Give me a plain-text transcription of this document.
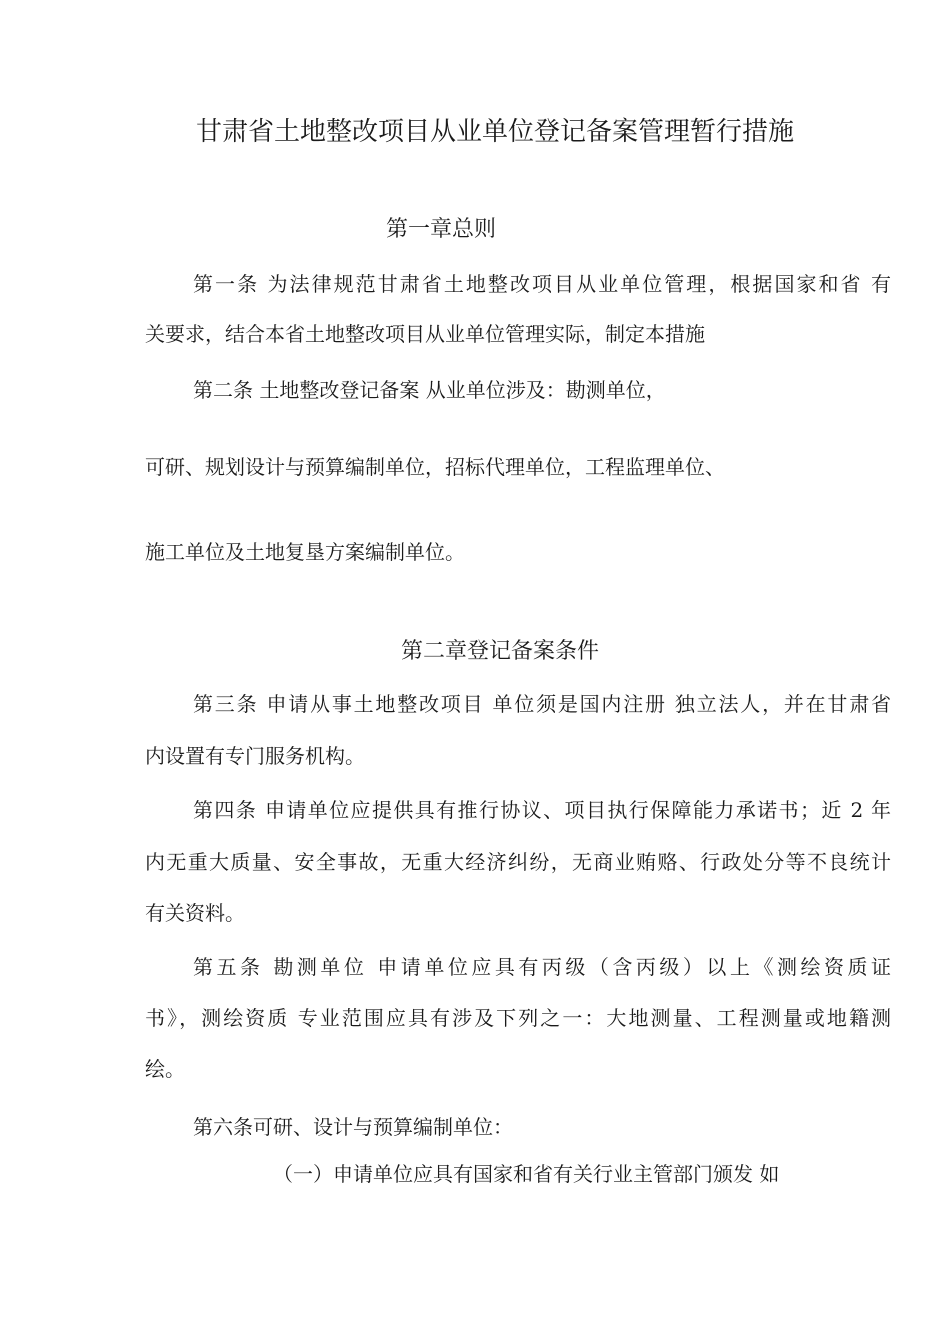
甘肃省土地整改项目从业单位登记备案管理暂行措施
第一章总则
第一条 为法律规范甘肃省土地整改项目从业单位管理，根据国家和省 有
关要求，结合本省土地整改项目从业单位管理实际，制定本措施
第二条 土地整改登记备案 从业单位涉及：勘测单位，
可研、规划设计与预算编制单位，招标代理单位，工程监理单位、
施工单位及土地复垦方案编制单位。
第二章登记备案条件
第三条 申请从事土地整改项目 单位须是国内注册 独立法人，并在甘肃省
内设置有专门服务机构。
第四条 申请单位应提供具有推行协议、项目执行保障能力承诺书；近 2 年
内无重大质量、安全事故，无重大经济纠纷，无商业贿赂、行政处分等不良统计
有关资料。
第五条 勘测单位 申请单位应具有丙级（含丙级）以上《测绘资质证
书》，测绘资质 专业范围应具有涉及下列之一：大地测量、工程测量或地籍测
绘。
第六条可研、设计与预算编制单位：
（一）申请单位应具有国家和省有关行业主管部门颁发 如
